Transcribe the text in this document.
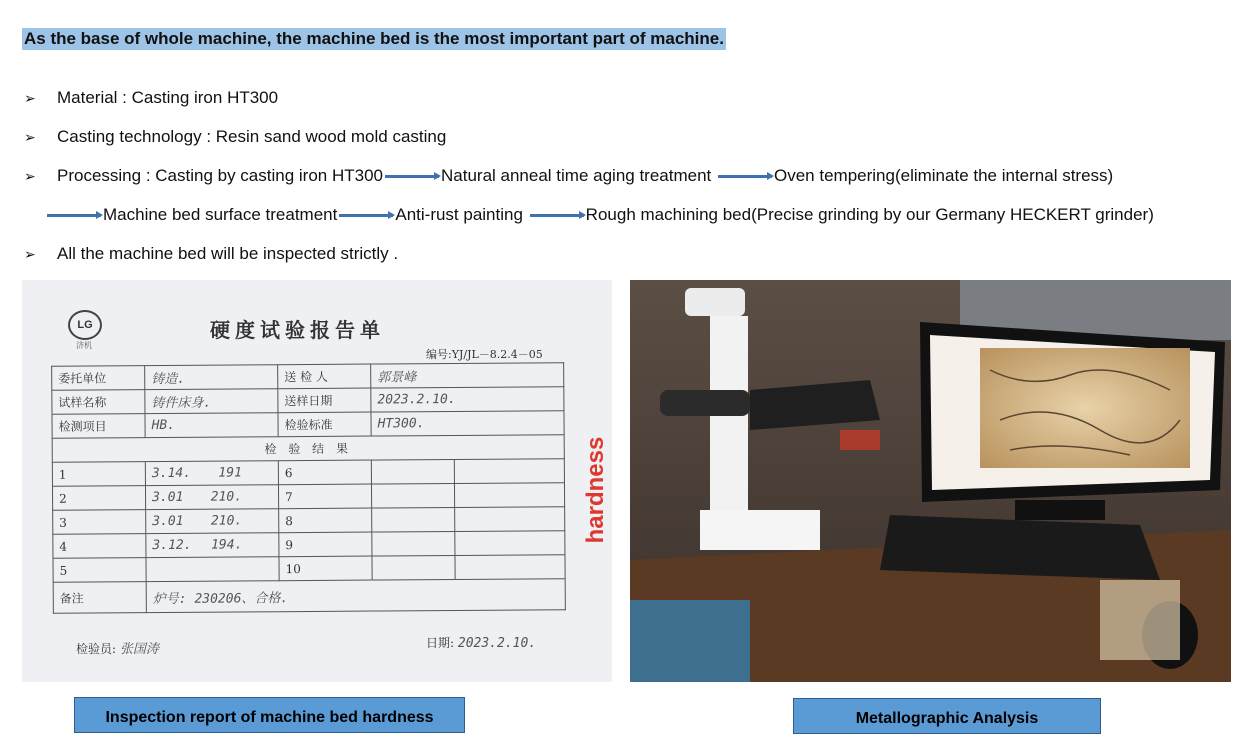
As the base of whole machine, the machine bed is the most important part of machine.
➢ Material : Casting iron HT300
➢ Casting technology : Resin sand wood mold casting
➢ Processing : Casting by casting iron HT300	Natural anneal time aging treatment	Oven tempering(eliminate the internal stress)
Machine bed surface treatment	Anti-rust painting	Rough machining bed(Precise grinding by our Germany HECKERT grinder)
➢ All the machine bed will be inspected strictly .
LG
济机
硬度试验报告单
编号:YJ/JL－8.2.4－05
委托单位	铸造.	送 检 人	郭景峰	
试样名称	铸件床身.	送样日期	2023.2.10.	
检测项目	HB.	检验标准	HT300.	
检 验 结 果				
1	3.14. 191	6		
2	3.01 210.	7		
3	3.01 210.	8		
4	3.12. 194.	9		
5		10		
备注	炉号: 230206、合格.			
hardness
检验员: 张国涛	日期: 2023.2.10.
Inspection report of machine bed hardness	Metallographic Analysis
